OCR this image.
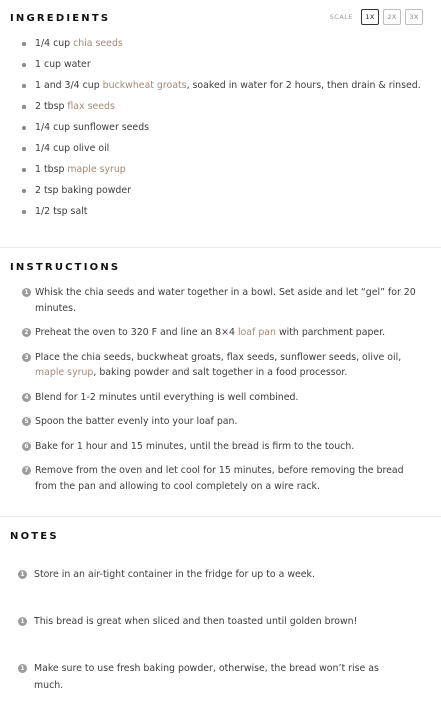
INGREDIENTS	SCALE	1X	2X	3X
1/4 cup chia seeds
1 cup water
1 and 3/4 cup buckwheat groats, soaked in water for 2 hours, then drain & rinsed.
2 tbsp flax seeds
1/4 cup sunflower seeds
1/4 cup olive oil
1 tbsp maple syrup
2 tsp baking powder
1/2 tsp salt
INSTRUCTIONS
1 Whisk the chia seeds and water together in a bowl. Set aside and let “gel” for 20 minutes.
2 Preheat the oven to 320 F and line an 8×4 loaf pan with parchment paper.
3 Place the chia seeds, buckwheat groats, flax seeds, sunflower seeds, olive oil, maple syrup, baking powder and salt together in a food processor.
4 Blend for 1-2 minutes until everything is well combined.
5 Spoon the batter evenly into your loaf pan.
6 Bake for 1 hour and 15 minutes, until the bread is firm to the touch.
7 Remove from the oven and let cool for 15 minutes, before removing the bread from the pan and allowing to cool completely on a wire rack.
NOTES
1 Store in an air-tight container in the fridge for up to a week.
1 This bread is great when sliced and then toasted until golden brown!
1 Make sure to use fresh baking powder, otherwise, the bread won’t rise as much.
